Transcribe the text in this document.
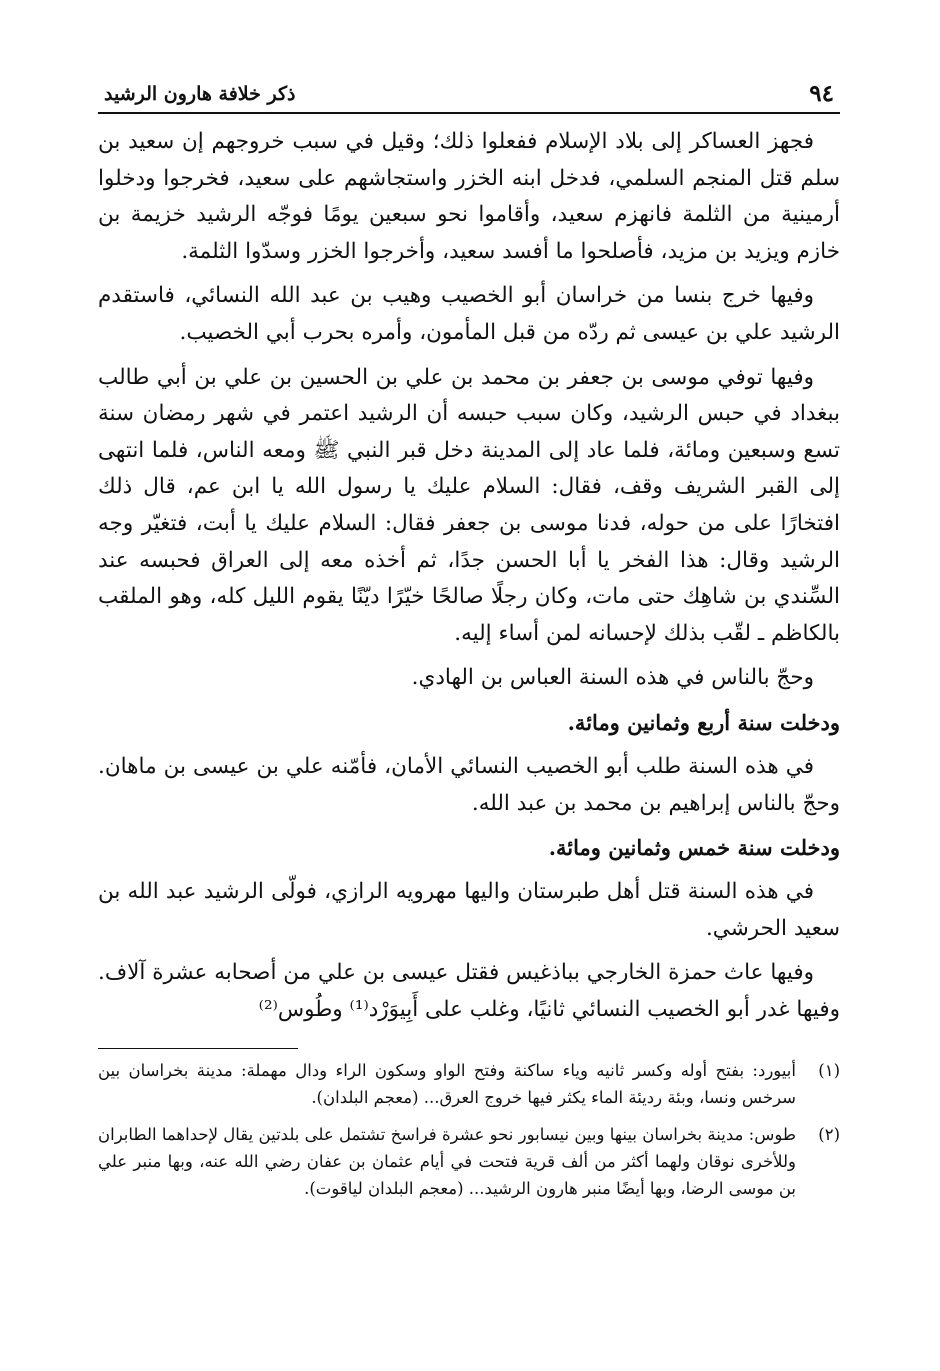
٩٤
ذكر خلافة هارون الرشيد

فجهز العساكر إلى بلاد الإسلام ففعلوا ذلك؛ وقيل في سبب خروجهم إن سعيد بن سلم قتل المنجم السلمي، فدخل ابنه الخزر واستجاشهم على سعيد، فخرجوا ودخلوا أرمينية من الثلمة فانهزم سعيد، وأقاموا نحو سبعين يومًا فوجّه الرشيد خزيمة بن خازم ويزيد بن مزيد، فأصلحوا ما أفسد سعيد، وأخرجوا الخزر وسدّوا الثلمة.

وفيها خرج بنسا من خراسان أبو الخصيب وهيب بن عبد الله النسائي، فاستقدم الرشيد علي بن عيسى ثم ردّه من قبل المأمون، وأمره بحرب أبي الخصيب.

وفيها توفي موسى بن جعفر بن محمد بن علي بن الحسين بن علي بن أبي طالب ببغداد في حبس الرشيد، وكان سبب حبسه أن الرشيد اعتمر في شهر رمضان سنة تسع وسبعين ومائة، فلما عاد إلى المدينة دخل قبر النبي ﷺ ومعه الناس، فلما انتهى إلى القبر الشريف وقف، فقال: السلام عليك يا رسول الله يا ابن عم، قال ذلك افتخارًا على من حوله، فدنا موسى بن جعفر فقال: السلام عليك يا أبت، فتغيّر وجه الرشيد وقال: هذا الفخر يا أبا الحسن جدًا، ثم أخذه معه إلى العراق فحبسه عند السِّندي بن شاهِك حتى مات، وكان رجلًا صالحًا خيّرًا ديّنًا يقوم الليل كله، وهو الملقب بالكاظم ـ لقّب بذلك لإحسانه لمن أساء إليه.

وحجّ بالناس في هذه السنة العباس بن الهادي.

ودخلت سنة أربع وثمانين ومائة.

في هذه السنة طلب أبو الخصيب النسائي الأمان، فأمّنه علي بن عيسى بن ماهان. وحجّ بالناس إبراهيم بن محمد بن عبد الله.

ودخلت سنة خمس وثمانين ومائة.

في هذه السنة قتل أهل طبرستان واليها مهرويه الرازي، فولّى الرشيد عبد الله بن سعيد الحرشي.

وفيها عاث حمزة الخارجي بباذغيس فقتل عيسى بن علي من أصحابه عشرة آلاف. وفيها غدر أبو الخصيب النسائي ثانيًا، وغلب على أَبِيوَرْد⁽¹⁾ وطُوس⁽²⁾

(١)
أبيورد: بفتح أوله وكسر ثانيه وياء ساكنة وفتح الواو وسكون الراء ودال مهملة: مدينة بخراسان بين سرخس ونسا، وبئة رديئة الماء يكثر فيها خروج العرق... (معجم البلدان).
(٢)
طوس: مدينة بخراسان بينها وبين نيسابور نحو عشرة فراسخ تشتمل على بلدتين يقال لإحداهما الطابران وللأخرى نوقان ولهما أكثر من ألف قرية فتحت في أيام عثمان بن عفان رضي الله عنه، وبها منبر علي بن موسى الرضا، وبها أيضًا منبر هارون الرشيد... (معجم البلدان لياقوت).
